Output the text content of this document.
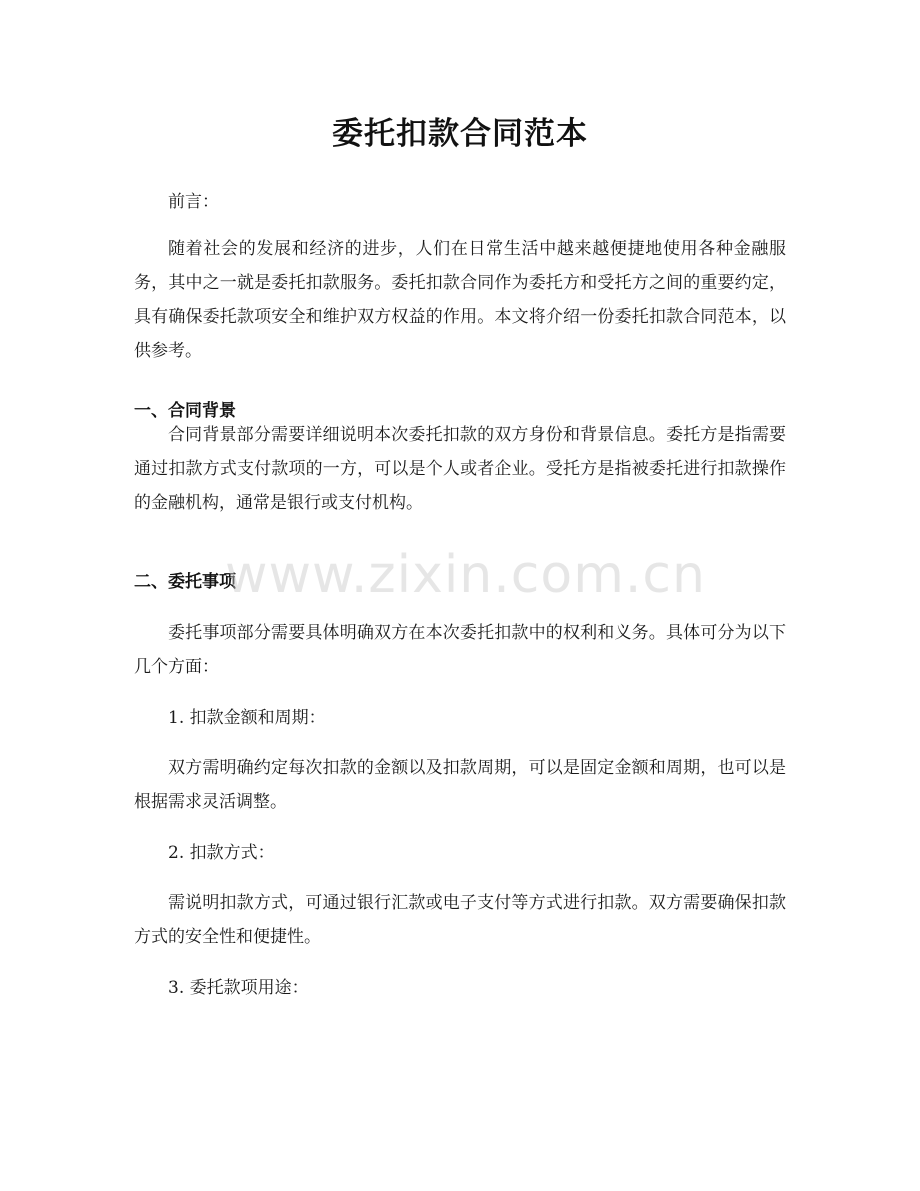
委托扣款合同范本
前言：
随着社会的发展和经济的进步，人们在日常生活中越来越便捷地使用各种金融服务，其中之一就是委托扣款服务。委托扣款合同作为委托方和受托方之间的重要约定，具有确保委托款项安全和维护双方权益的作用。本文将介绍一份委托扣款合同范本，以供参考。
一、合同背景
合同背景部分需要详细说明本次委托扣款的双方身份和背景信息。委托方是指需要通过扣款方式支付款项的一方，可以是个人或者企业。受托方是指被委托进行扣款操作的金融机构，通常是银行或支付机构。
二、委托事项
委托事项部分需要具体明确双方在本次委托扣款中的权利和义务。具体可分为以下几个方面：
1. 扣款金额和周期：
双方需明确约定每次扣款的金额以及扣款周期，可以是固定金额和周期，也可以是根据需求灵活调整。
2. 扣款方式：
需说明扣款方式，可通过银行汇款或电子支付等方式进行扣款。双方需要确保扣款方式的安全性和便捷性。
3. 委托款项用途：
www.zixin.com.cn
